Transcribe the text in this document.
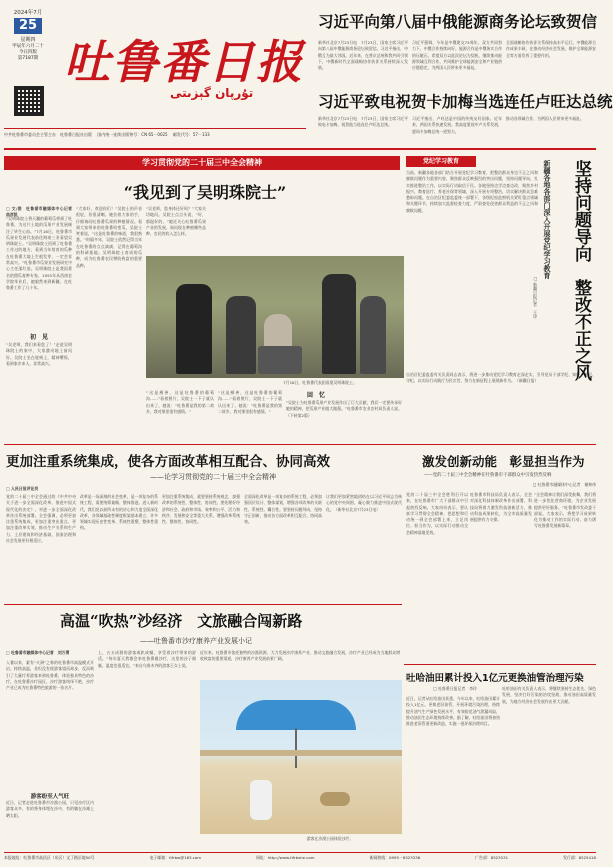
2024年7月
25
星期四
甲辰年六月二十
今日四版
第7187期 吐鲁番日报
تۇرپان گېزىتى
中共吐鲁番市委员会主管主办　吐鲁番日报社出版　 国内统一连续出版物号：CN 65－0025　 邮发代号：57－133
习近平向第八届中俄能源商务论坛致贺信
新华社北京7月23日电　7月23日，国家主席习近平向第八届中俄能源商务论坛致贺信。习近平指出，中俄互为最大邻国。近年来，在普京总统和我共同引领下，中俄新时代全面战略协作伙伴关系持续深入发展。
习近平强调，今年是中俄建交75周年，双方共同努力下，中俄合作持续向好。能源合作是中俄务实合作的压舱石。希望双方以此次论坛为契机，继续推动能源领域互利合作，共同维护全球能源安全和产业链供应链稳定，为两国人民带来更多福祉。
全面战略协作伙伴关系保持高水平运行。中俄能源合作成果丰硕，在推动经济社会发展、维护全球能源安全等方面发挥了重要作用。
习近平致电祝贺卡加梅当选连任卢旺达总统
新华社北京7月23日电　7月23日，国家主席习近平致电卡加梅，祝贺他当选连任卢旺达总统。
习近平指出，卢旺达是中国的传统友好国家。近年来，两国关系快速发展。我高度重视中卢关系发展，愿同卡加梅总统一道努力。
推动各领域合作，为两国人民带来更多福祉。
学习贯彻党的二十届三中全会精神
“我见到了吴明珠院士”
□ 文/图　吐鲁番市融媒体中心记者　曲彦凯
“吴明珠院士将天疆的葡萄瓜带到了吐鲁番，为这片土地的瓜果产业发展倾注了毕生心血。”7月18日，吐鲁番市瓜果业发展代表前往海南三亚看望吴明珠院士。“吴明珠院士回到了吐鲁番工作过的地方，看到当年培育的瓜种在吐鲁番大地上生根发芽，一定会非常高兴。”吐鲁番市瓜果业发展研究中心主任邵红说。吴明珠院士是我国著名的甜瓜育种专家，1955年从西南农学院毕业后，她毅然来到新疆，在吐鲁番工作了几十年。
初　见
“吴老师，我们来看您了！”走进吴明珠院士的家中，大家激动地上前问好。吴院士坐在轮椅上，精神矍铄，看到家乡来人，非常高兴。
“大家好，欢迎你们！”吴院士的声音很轻，但很清晰。她拉着大家的手，仔细询问吐鲁番瓜果的种植情况。看到大家带来的吐鲁番哈密瓜，吴院士笑着说，“这是吐鲁番的味道，我很熟悉。”时隔多年，吴院士依然记得当年在吐鲁番的点点滴滴，记得在葡萄沟的科研基地。吴明珠院士育成的瓜种，成为吐鲁番农民增收致富的重要品种。
“吴老师，您身体还好吗？”大家关切地问。吴院士点点头说，“好，都挺好的。”她还关心吐鲁番瓜果产业的发展，询问现在种植哪些品种，农民的收入怎么样。
7月18日，吐鲁番代表团看望吴明珠院士。
“这是鄯善，这是吐鲁番的葡萄沟……”看着照片，吴院士一下子就认出来了，她说：“吐鲁番是我的第二故乡，我对那里很有感情。”
“这是鄯善，这是吐鲁番的葡萄沟……”看着照片，吴院士一下子就认出来了，她说：“吐鲁番是我的第二故乡，我对那里很有感情。”
回　忆
“吴院士为吐鲁番瓜果产业发展作出了巨大贡献，我们一定要传承好她的精神，把瓜果产业做大做强。”吐鲁番市农业农村局负责人说。（下转第2版）
党纪学习教育
当前，新疆各地各部门结合开展党纪学习教育，把整治群众身边不正之风和腐败问题作为重要内容，聚焦群众反映强烈的突出问题，坚持问题导向，扎实推进整治工作，以实际行动取信于民。各地坚持边学边查边改，聚焦乡村振兴、教育医疗、养老社保等领域，深入开展专项整治，切实解决群众急难愁盼问题。在自治区纪委监委统一部署下，各级纪检监察机关紧盯重点领域和关键环节，持续加大监督检查力度，严肃查处侵害群众利益的不正之风和腐败问题。
自治区纪委监委有关负责同志表示，将进一步推动党纪学习教育走深走实，引导党员干部学纪、知纪、明纪、守纪，以实际行动践行为民宗旨，努力在新征程上展现新作为。（新疆日报）
新疆各地各部门深入开展党纪学习教育	坚持问题导向　整改不正之风
□ 新疆日报记者　王诗
更加注重系统集成，使各方面改革相互配合、协同高效
——论学习贯彻党的二十届三中全会精神
□ 人民日报评论员
党的二十届三中全会通过的《中共中央关于进一步全面深化改革、推进中国式现代化的决定》，对进一步全面深化改革作出系统部署。全会强调，必须更加注重系统集成，更加注重突出重点，更加注重改革实效，推动生产关系和生产力、上层建筑和经济基础、国家治理和社会发展更好相适应。
改革是一场深刻的社会变革，是一项复杂的系统工程，需要统筹兼顾、整体推进。进入新时代，我们党以前所未有的决心和力度全面深化改革，各领域基础性制度框架基本建立，许多领域实现历史性变革、系统性重塑、整体性重构。
更加注重系统集成，就要坚持系统观念，加强改革的系统性、整体性、协同性。要处理好经济和社会、政府和市场、效率和公平、活力和秩序、发展和安全等重大关系，增强改革系统性、整体性、协同性。
全面深化改革是一项复杂的系统工程，必须加强顶层设计、整体谋划，增强各项改革的关联性、系统性、耦合性。要坚持问题导向，坚持守正创新，推动各方面改革相互配合、协同高效。
让我们更加紧密地团结在以习近平同志为核心的党中央周围，凝心聚力推进中国式现代化。（新华社北京7月23日电）
高温“吹热”沙经济　文旅融合闯新路
——吐鲁番市沙疗康养产业发展小记
□ 吐鲁番市融媒体中心记者　刘万勇
入暑以来，素有“火洲”之称的吐鲁番市高温模式开启。持续高温，非但没有使游客望而却步，反而吸引了大量疗养游客来到吐鲁番，体验独具特色的沙疗。在吐鲁番沙疗园区，沙疗游客络绎不绝，沙疗产业已成为吐鲁番特色旅游的一张名片。
游客纷至人气旺
近日，记者走进吐鲁番市沙漠公园，只见沙疗区内游客众多，有的将身体埋在沙中，有的躺在沙滩上晒太阳。
上，五五成群的游客或趴或躺，享受着沙疗带来的舒适。“每年夏天我都会来吐鲁番做沙疗，这里的沙子细腻，温度也很适宜。”来自乌鲁木齐的游客王女士说。
近年来，吐鲁番市依托独特的沙漠资源，大力发展沙疗康养产业，推动文旅融合发展，沙疗产业已经成为当地群众增收致富的重要渠道，沙疗康养产业发展前景广阔。
游客在沙漠公园体验沙疗。
激发创新动能　彰显担当作为
——党的二十届三中全会精神在吐鲁番市干部群众中引发热烈反响
□ 吐鲁番市融媒体中心记者　谢林伟
党的二十届三中全会胜利召开以来，在吐鲁番市广大干部群众中引起热烈反响。大家纷纷表示，要认真学习贯彻全会精神，把思想和行动统一到全会部署上来，立足岗位、担当作为，以实际行动推动全会精神落地见效。
吐鲁番市科技局负责人表示，全会对深化科技体制改革作出部署，科技局将着力激发科技创新活力，推动科技成果转化，为全市高质量发展提供有力支撑。
“全会精神让我们深受鼓舞，我们将进一步优化营商环境，为企业发展提供更好服务。”吐鲁番市发改委干部说。大家表示，将把学习成果转化为推动工作的实际行动，奋力谱写吐鲁番发展新篇章。
吐哈油田累计投入1亿元更换油管治理污染
□ 吐鲁番日报记者　李玲
近日，记者从吐哈油田获悉，今年以来，吐哈油田累计投入1亿元，更换老旧油管，开展环境污染治理，持续提升油气生产绿色发展水平，有效防范油气泄漏风险，推动油田生态环境持续改善。据了解，吐哈油田将加快推进老旧管道更新改造，实施一批环保治理项目。
吐哈油田有关负责人表示，将继续坚持生态优先、绿色发展，坚决打好污染防治攻坚战，推动油田高质量发展，为地方经济社会发展作出更大贡献。
本报地址：吐鲁番市高昌区（东区）文丁路贡地50号	电子邮箱：tlfrbw@163.com	网址：http://www.tlfrbshe.com	新闻热线：0995－8523336	广告部：8523531	发行部：8525418
